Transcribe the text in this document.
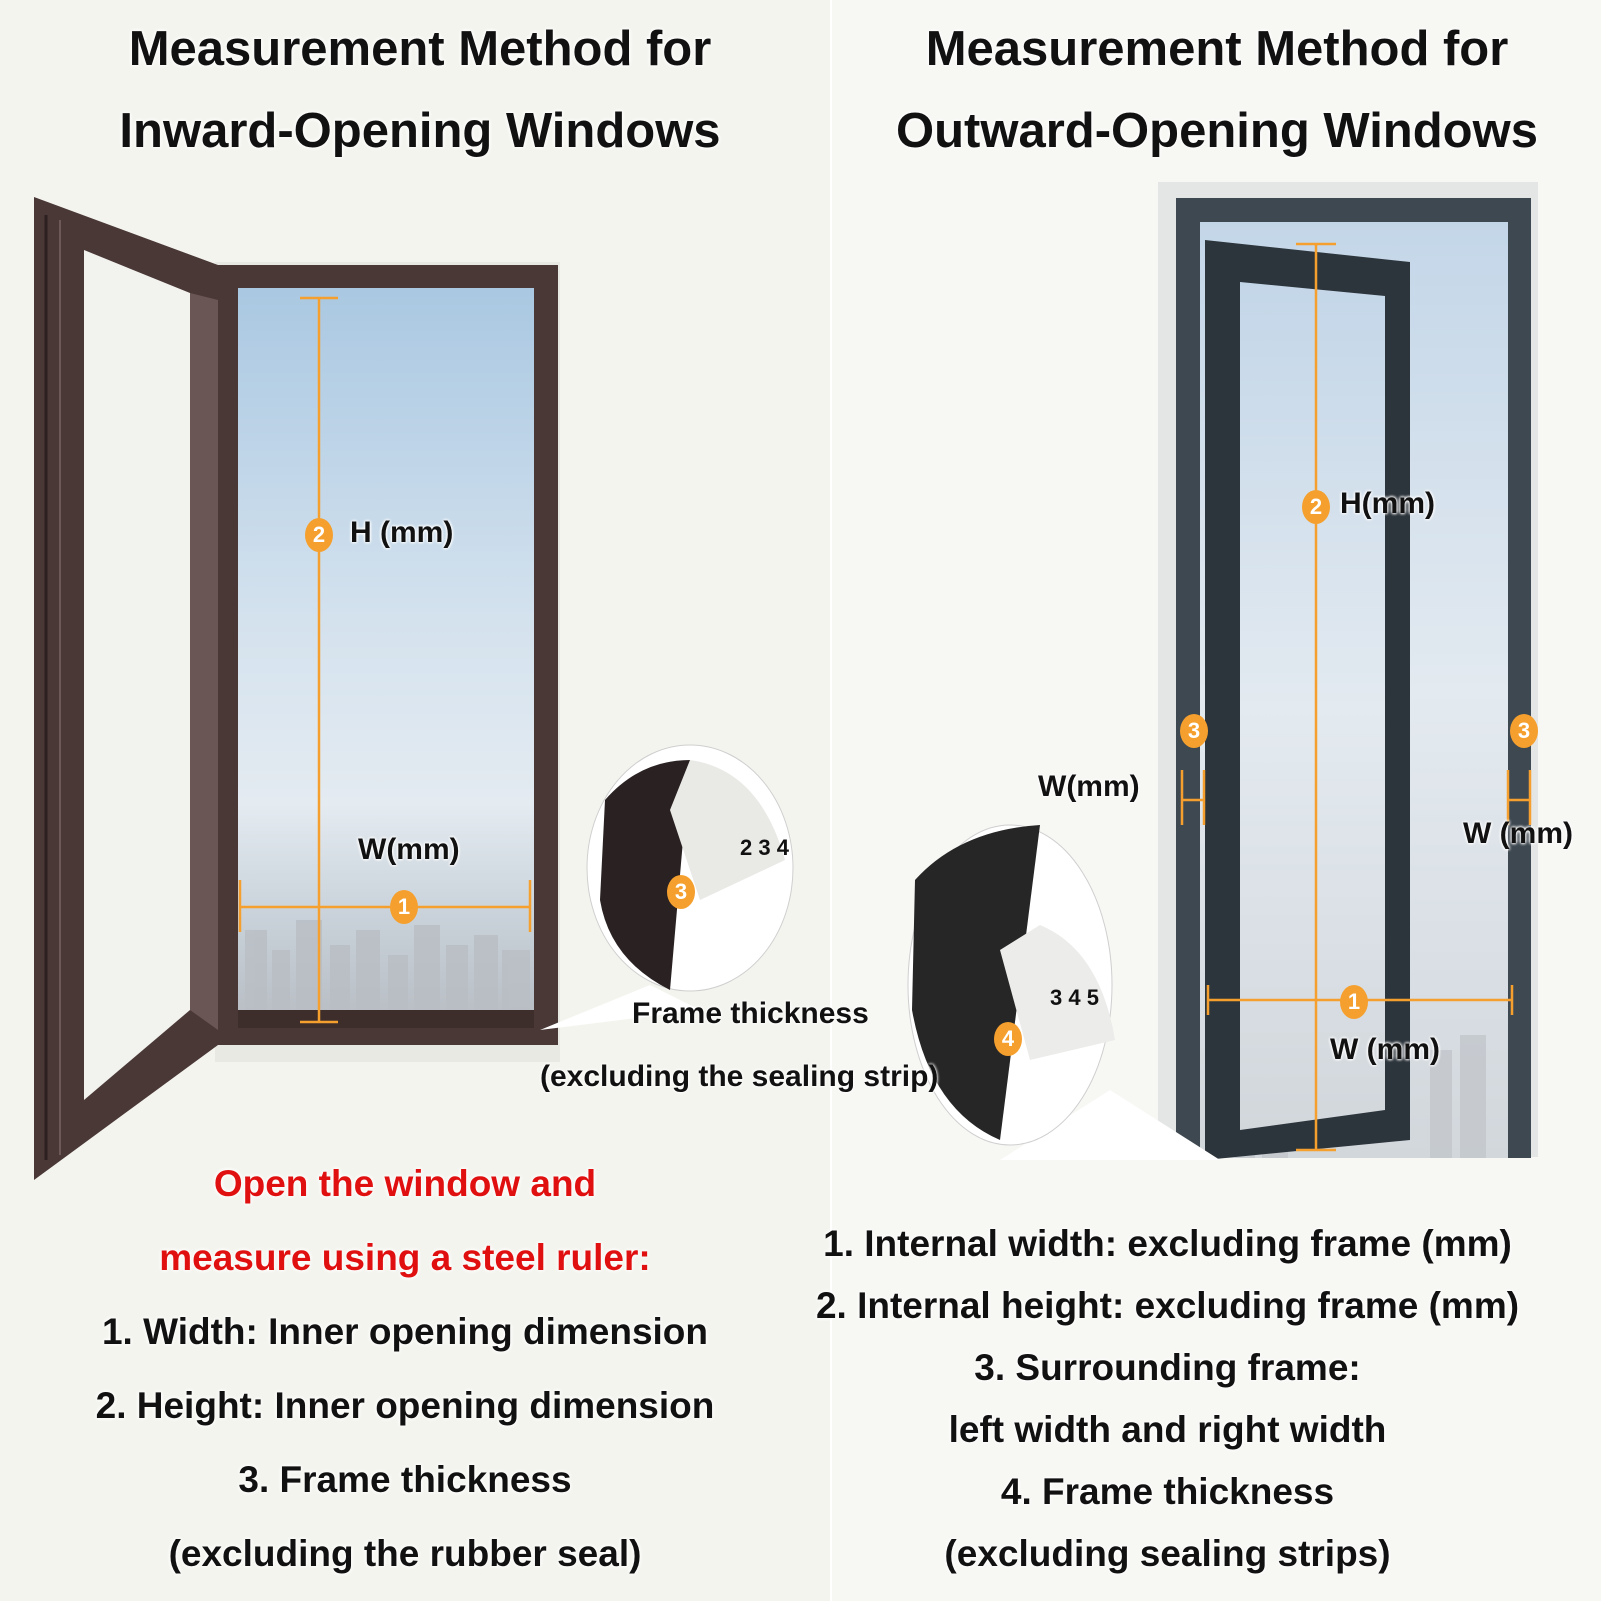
2 3 4
3 4 5
Measurement Method for
Inward-Opening Windows
Measurement Method for
Outward-Opening Windows
2 H (mm)
W(mm)
1
3
Frame thickness
(excluding the sealing strip)
2 H(mm)
3	3
W(mm)
W (mm)
1
W (mm)
4
Open the window and
measure using a steel ruler:
1. Width: Inner opening dimension
2. Height: Inner opening dimension
3. Frame thickness
(excluding the rubber seal)
1. Internal width: excluding frame (mm)
2. Internal height: excluding frame (mm)
3. Surrounding frame:
left width and right width
4. Frame thickness
(excluding sealing strips)
